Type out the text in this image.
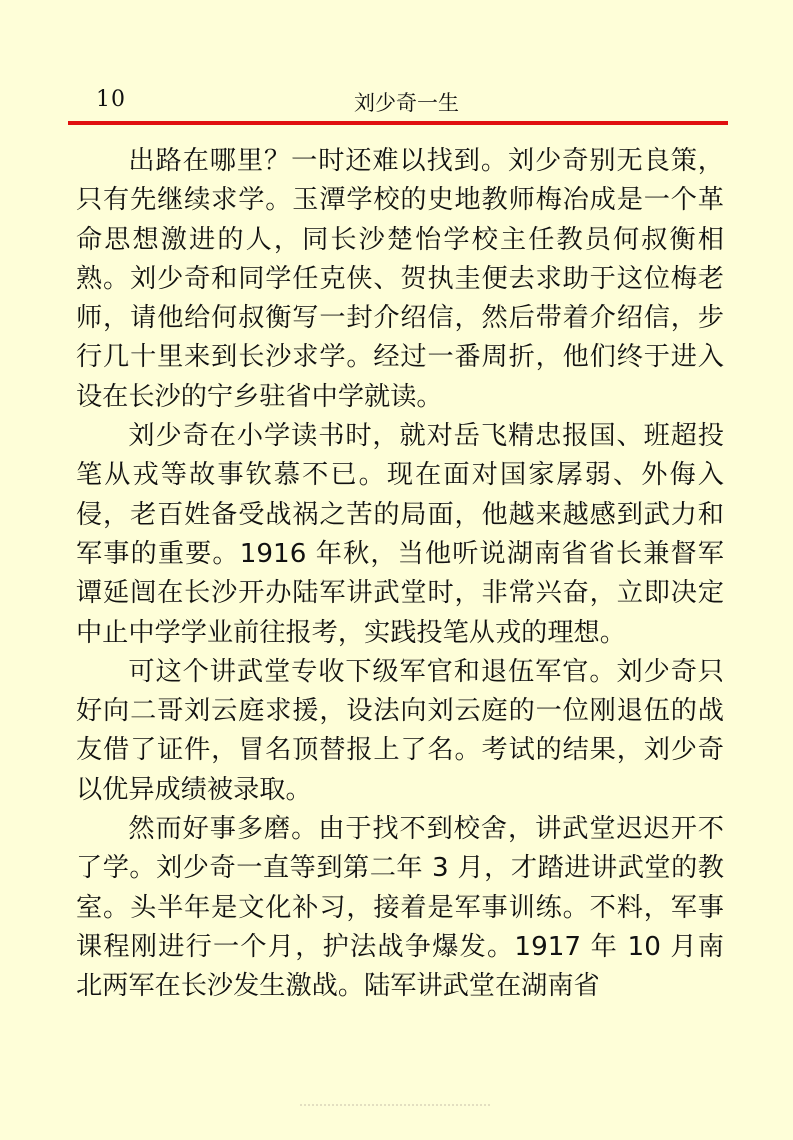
10	刘少奇一生

出路在哪里？一时还难以找到。刘少奇别无良策，只有先继续求学。玉潭学校的史地教师梅冶成是一个革命思想激进的人，同长沙楚怡学校主任教员何叔衡相熟。刘少奇和同学任克侠、贺执圭便去求助于这位梅老师，请他给何叔衡写一封介绍信，然后带着介绍信，步行几十里来到长沙求学。经过一番周折，他们终于进入设在长沙的宁乡驻省中学就读。

刘少奇在小学读书时，就对岳飞精忠报国、班超投笔从戎等故事钦慕不已。现在面对国家孱弱、外侮入侵，老百姓备受战祸之苦的局面，他越来越感到武力和军事的重要。1916 年秋，当他听说湖南省省长兼督军谭延闿在长沙开办陆军讲武堂时，非常兴奋，立即决定中止中学学业前往报考，实践投笔从戎的理想。

可这个讲武堂专收下级军官和退伍军官。刘少奇只好向二哥刘云庭求援，设法向刘云庭的一位刚退伍的战友借了证件，冒名顶替报上了名。考试的结果，刘少奇以优异成绩被录取。

然而好事多磨。由于找不到校舍，讲武堂迟迟开不了学。刘少奇一直等到第二年 3 月，才踏进讲武堂的教室。头半年是文化补习，接着是军事训练。不料，军事课程刚进行一个月，护法战争爆发。1917 年 10 月南北两军在长沙发生激战。陆军讲武堂在湖南省
